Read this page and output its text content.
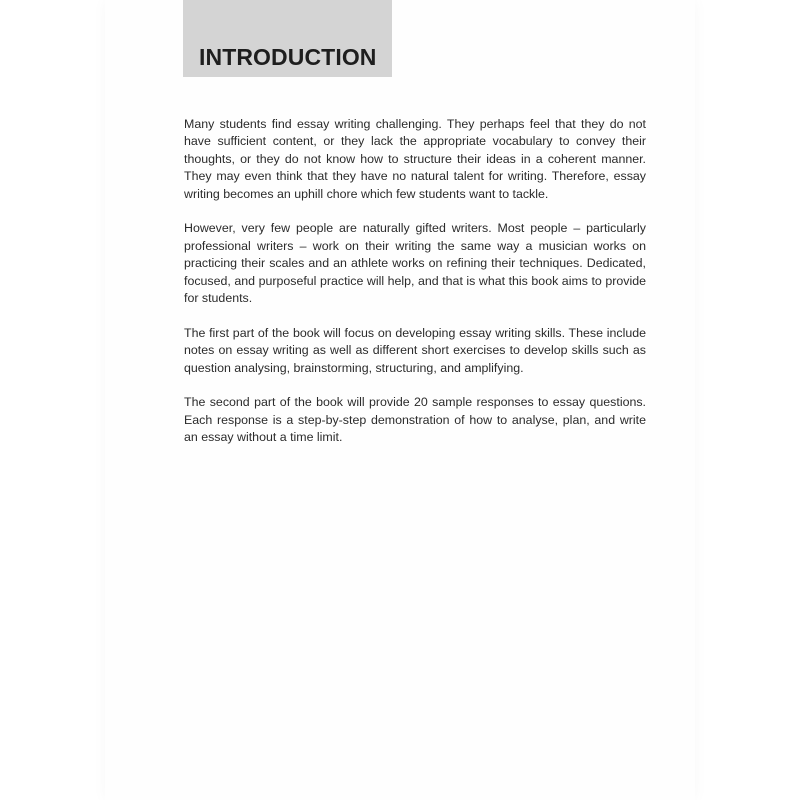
INTRODUCTION

Many students find essay writing challenging. They perhaps feel that they do not have sufficient content, or they lack the appropriate vocabulary to convey their thoughts, or they do not know how to structure their ideas in a coherent manner. They may even think that they have no natural talent for writing. Therefore, essay writing becomes an uphill chore which few students want to tackle.

However, very few people are naturally gifted writers. Most people – particularly professional writers – work on their writing the same way a musician works on practicing their scales and an athlete works on refining their techniques. Dedicated, focused, and purposeful practice will help, and that is what this book aims to provide for students.

The first part of the book will focus on developing essay writing skills. These include notes on essay writing as well as different short exercises to develop skills such as question analysing, brainstorming, structuring, and amplifying.

The second part of the book will provide 20 sample responses to essay questions. Each response is a step-by-step demonstration of how to analyse, plan, and write an essay without a time limit.
